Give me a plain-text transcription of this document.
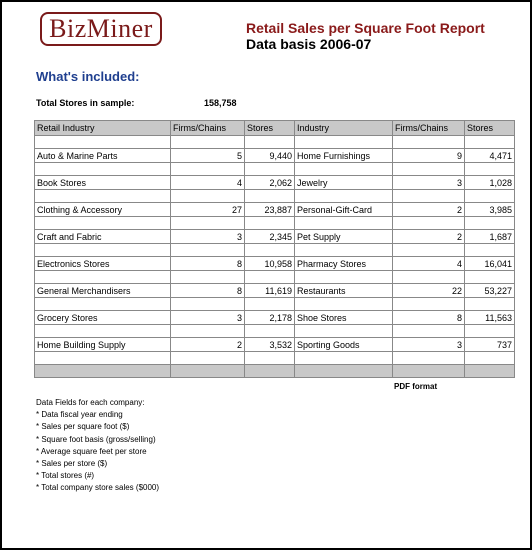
BizMiner	Retail Sales per Square Foot Report
Data basis 2006-07
What's included:
Total Stores in sample:	158,758
Retail Industry	Firms/Chains	Stores	Industry	Firms/Chains	Stores

Auto & Marine Parts	5	9,440	Home Furnishings	9	4,471

Book Stores	4	2,062	Jewelry	3	1,028

Clothing & Accessory	27	23,887	Personal-Gift-Card	2	3,985

Craft and Fabric	3	2,345	Pet Supply	2	1,687

Electronics Stores	8	10,958	Pharmacy Stores	4	16,041

General Merchandisers	8	11,619	Restaurants	22	53,227

Grocery Stores	3	2,178	Shoe Stores	8	11,563

Home Building Supply	2	3,532	Sporting Goods	3	737

PDF format
Data Fields for each company:
* Data fiscal year ending
* Sales per square foot ($)
* Square foot basis (gross/selling)
* Average square feet per store
* Sales per store ($)
* Total stores (#)
* Total company store sales ($000)
